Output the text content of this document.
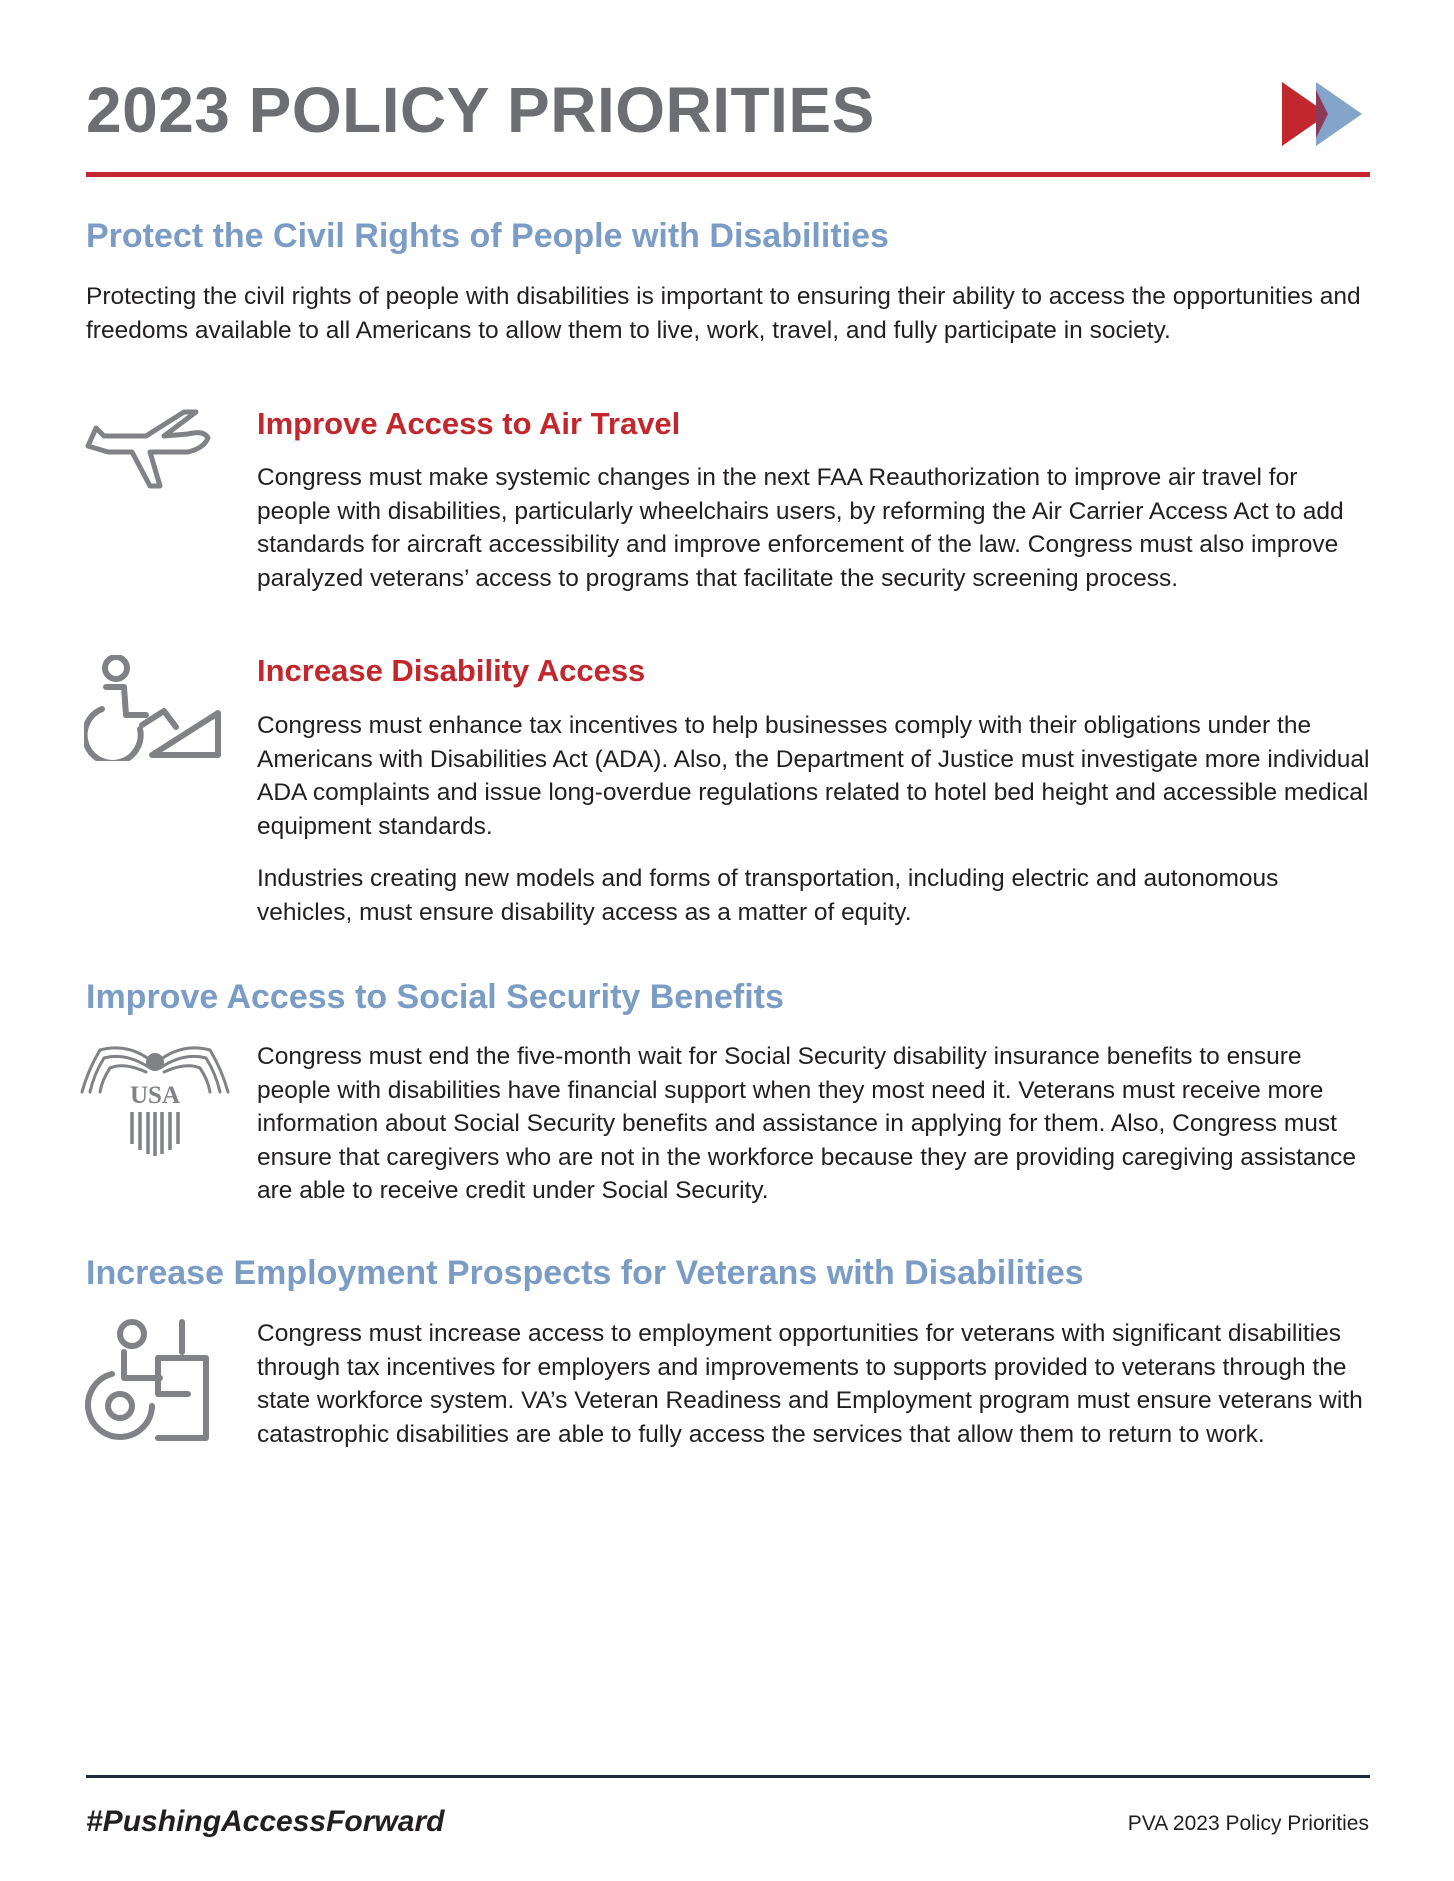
2023 POLICY PRIORITIES
Protect the Civil Rights of People with Disabilities

Protecting the civil rights of people with disabilities is important to ensuring their ability to access the opportunities and freedoms available to all Americans to allow them to live, work, travel, and fully participate in society.

Improve Access to Air Travel

Congress must make systemic changes in the next FAA Reauthorization to improve air travel for people with disabilities, particularly wheelchairs users, by reforming the Air Carrier Access Act to add standards for aircraft accessibility and improve enforcement of the law. Congress must also improve paralyzed veterans’ access to programs that facilitate the security screening process.

Increase Disability Access

Congress must enhance tax incentives to help businesses comply with their obligations under the Americans with Disabilities Act (ADA). Also, the Department of Justice must investigate more individual ADA complaints and issue long-overdue regulations related to hotel bed height and accessible medical equipment standards.

Industries creating new models and forms of transportation, including electric and autonomous vehicles, must ensure disability access as a matter of equity.

Improve Access to Social Security Benefits
USA

Congress must end the five-month wait for Social Security disability insurance benefits to ensure people with disabilities have financial support when they most need it. Veterans must receive more information about Social Security benefits and assistance in applying for them. Also, Congress must ensure that caregivers who are not in the workforce because they are providing caregiving assistance are able to receive credit under Social Security.

Increase Employment Prospects for Veterans with Disabilities

Congress must increase access to employment opportunities for veterans with significant disabilities through tax incentives for employers and improvements to supports provided to veterans through the state workforce system. VA’s Veteran Readiness and Employment program must ensure veterans with catastrophic disabilities are able to fully access the services that allow them to return to work.

#PushingAccessForward	PVA 2023 Policy Priorities
